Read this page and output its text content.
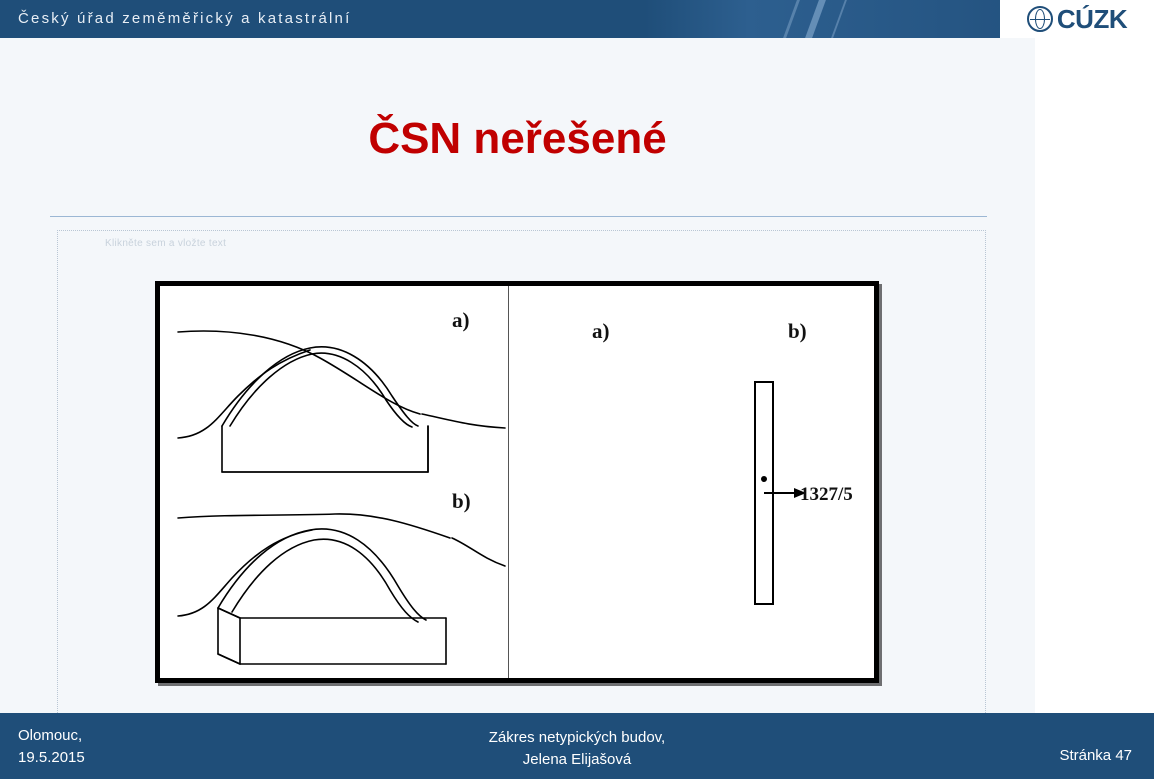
Český úřad zeměměřický a katastrální	CÚZK
ČSN neřešené
Klikněte sem a vložte text
a)
b)
a)	b)
1327/5
Olomouc,
19.5.2015
Zákres netypických budov,
Jelena Elijašová	Stránka 47
